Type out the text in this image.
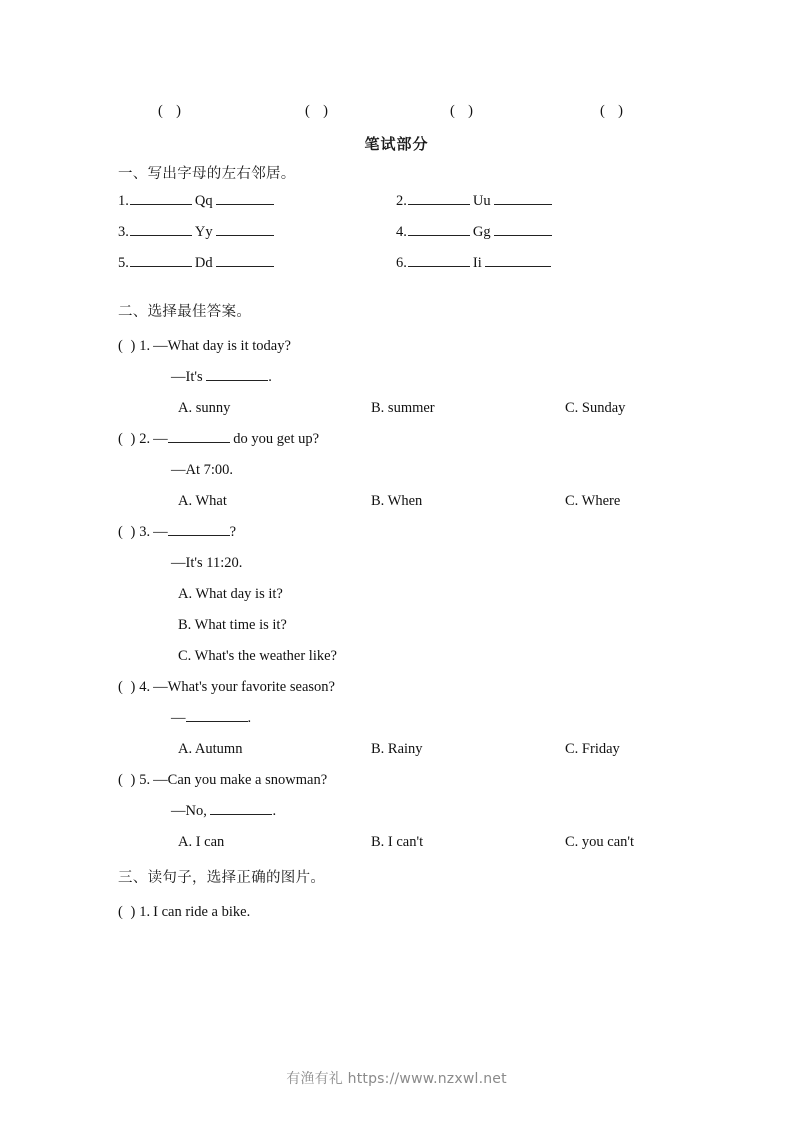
(  )	(  )	(  )	(  )
笔试部分
一、写出字母的左右邻居。
1.	Qq	2.	Uu
3.	Yy	4.	Gg
5.	Dd	6.	Ii
二、选择最佳答案。
( ) 1. —What day is it today?
—It's	.
A. sunny	B. summer	C. Sunday
( ) 2. —	do you get up?
—At 7:00.
A. What	B. When	C. Where
( ) 3. —	?
—It's 11:20.
A. What day is it?
B. What time is it?
C. What's the weather like?
( ) 4. —What's your favorite season?
—	.
A. Autumn	B. Rainy	C. Friday
( ) 5. —Can you make a snowman?
—No,	.
A. I can	B. I can't	C. you can't
三、读句子，选择正确的图片。
( ) 1. I can ride a bike.
有渔有礼 https://www.nzxwl.net
